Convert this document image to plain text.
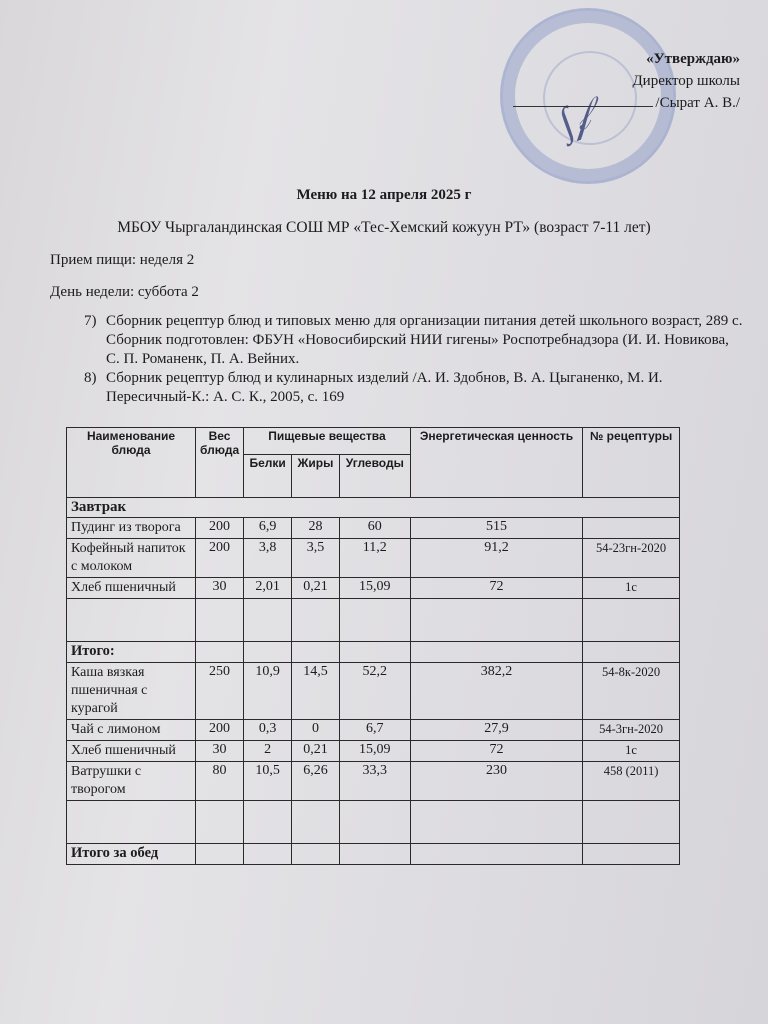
∫𝒻
«Утверждаю»
Директор школы
/Сырат А. В./
Меню на 12 апреля 2025 г
МБОУ Чыргаландинская СОШ МР «Тес-Хемский кожуун РТ» (возраст 7-11 лет)
Прием пищи: неделя 2
День недели: суббота 2
7) Сборник рецептур блюд и типовых меню для организации питания детей школьного возраст, 289 с. Сборник подготовлен: ФБУН «Новосибирский НИИ гигены» Роспотребнадзора (И. И. Новикова, С. П. Романенк, П. А. Вейних.
8) Сборник рецептур блюд и кулинарных изделий /А. И. Здобнов, В. А. Цыганенко, М. И. Пересичный-К.: А. С. К., 2005, с. 169
Наименование блюда	Вес блюда	Пищевые вещества			Энергетическая ценность	№ рецептуры
		Белки	Жиры	Углеводы		
Завтрак						
Пудинг из творога	200	6,9	28	60	515	
Кофейный напиток с молоком	200	3,8	3,5	11,2	91,2	54-23гн-2020
Хлеб пшеничный	30	2,01	0,21	15,09	72	1с

Итого:						
Каша вязкая пшеничная с курагой	250	10,9	14,5	52,2	382,2	54-8к-2020
Чай с лимоном	200	0,3	0	6,7	27,9	54-3гн-2020
Хлеб пшеничный	30	2	0,21	15,09	72	1с
Ватрушки с творогом	80	10,5	6,26	33,3	230	458 (2011)

Итого за обед						
